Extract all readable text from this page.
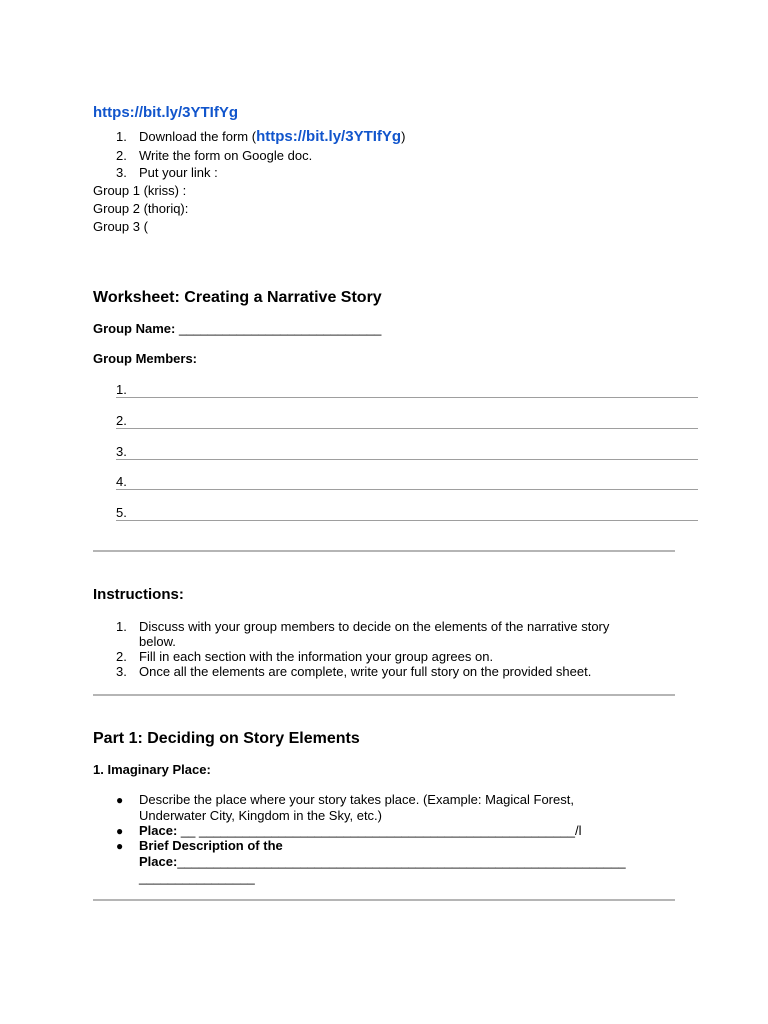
https://bit.ly/3YTIfYg
1. Download the form (https://bit.ly/3YTIfYg)
2. Write the form on Google doc.
3. Put your link :
Group 1 (kriss) :
Group 2 (thoriq):
Group 3 (
Worksheet: Creating a Narrative Story
Group Name: ____________________________
Group Members:
1.
2.
3.
4.
5.
Instructions:
1. Discuss with your group members to decide on the elements of the narrative story
below.
2. Fill in each section with the information your group agrees on.
3. Once all the elements are complete, write your full story on the provided sheet.
Part 1: Deciding on Story Elements
1. Imaginary Place:
● Describe the place where your story takes place. (Example: Magical Forest,
Underwater City, Kingdom in the Sky, etc.)
● Place: __ ____________________________________________________/l
● Brief Description of the
Place:______________________________________________________________
________________
